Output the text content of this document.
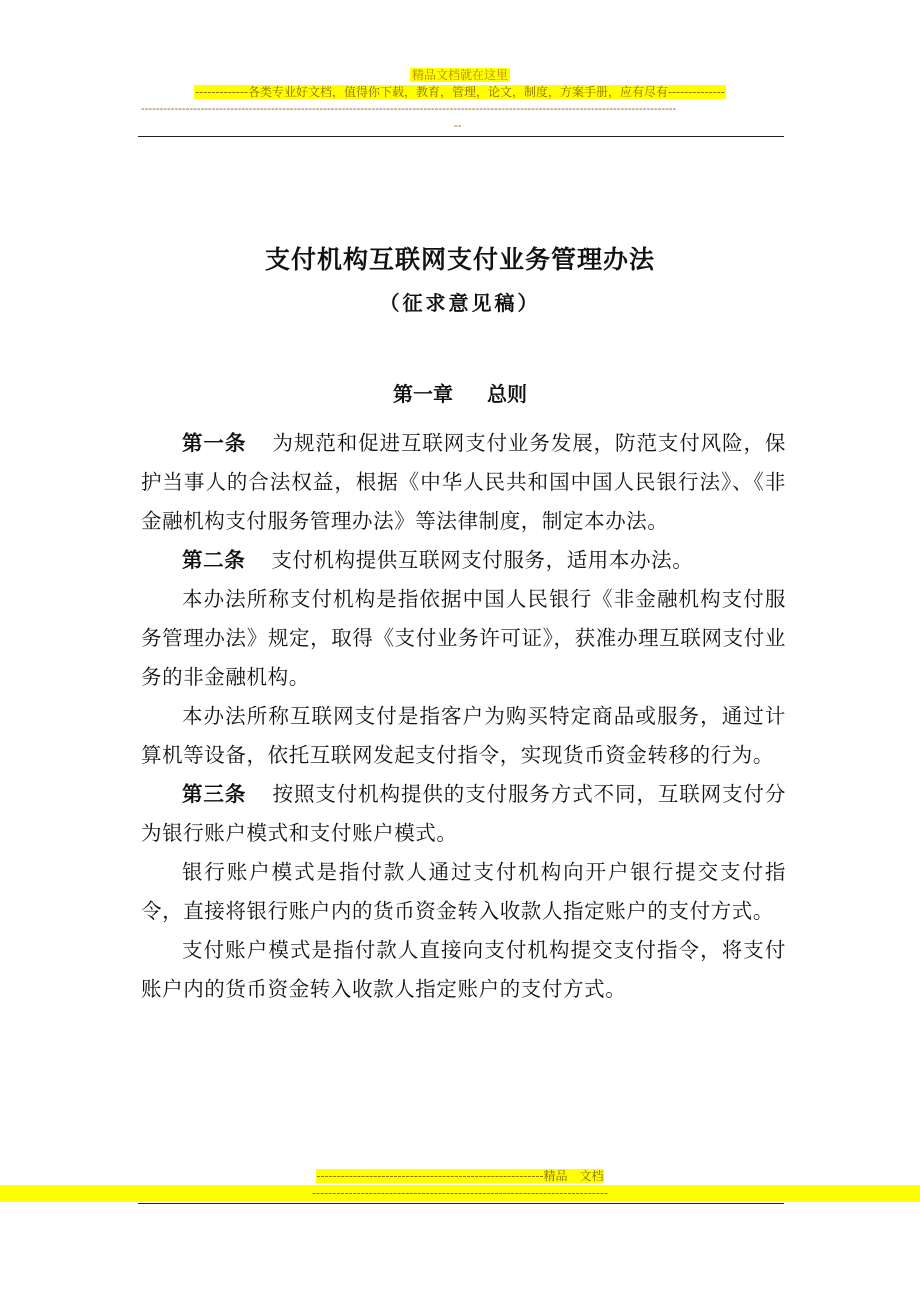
精品文档就在这里
-------------各类专业好文档，值得你下载，教育，管理，论文，制度，方案手册，应有尽有--------------
------------------------------------------------------------------------------------------------------------------------------------------------
--
支付机构互联网支付业务管理办法
（征求意见稿）
第一章 总则

第一条 为规范和促进互联网支付业务发展，防范支付风险，保护当事人的合法权益，根据《中华人民共和国中国人民银行法》、《非金融机构支付服务管理办法》等法律制度，制定本办法。

第二条 支付机构提供互联网支付服务，适用本办法。

本办法所称支付机构是指依据中国人民银行《非金融机构支付服务管理办法》规定，取得《支付业务许可证》，获准办理互联网支付业务的非金融机构。

本办法所称互联网支付是指客户为购买特定商品或服务，通过计算机等设备，依托互联网发起支付指令，实现货币资金转移的行为。

第三条 按照支付机构提供的支付服务方式不同，互联网支付分为银行账户模式和支付账户模式。

银行账户模式是指付款人通过支付机构向开户银行提交支付指令，直接将银行账户内的货币资金转入收款人指定账户的支付方式。

支付账户模式是指付款人直接向支付机构提交支付指令，将支付账户内的货币资金转入收款人指定账户的支付方式。

--------------------------------------------------------精品　文档
-------------------------------------------------------------------------
